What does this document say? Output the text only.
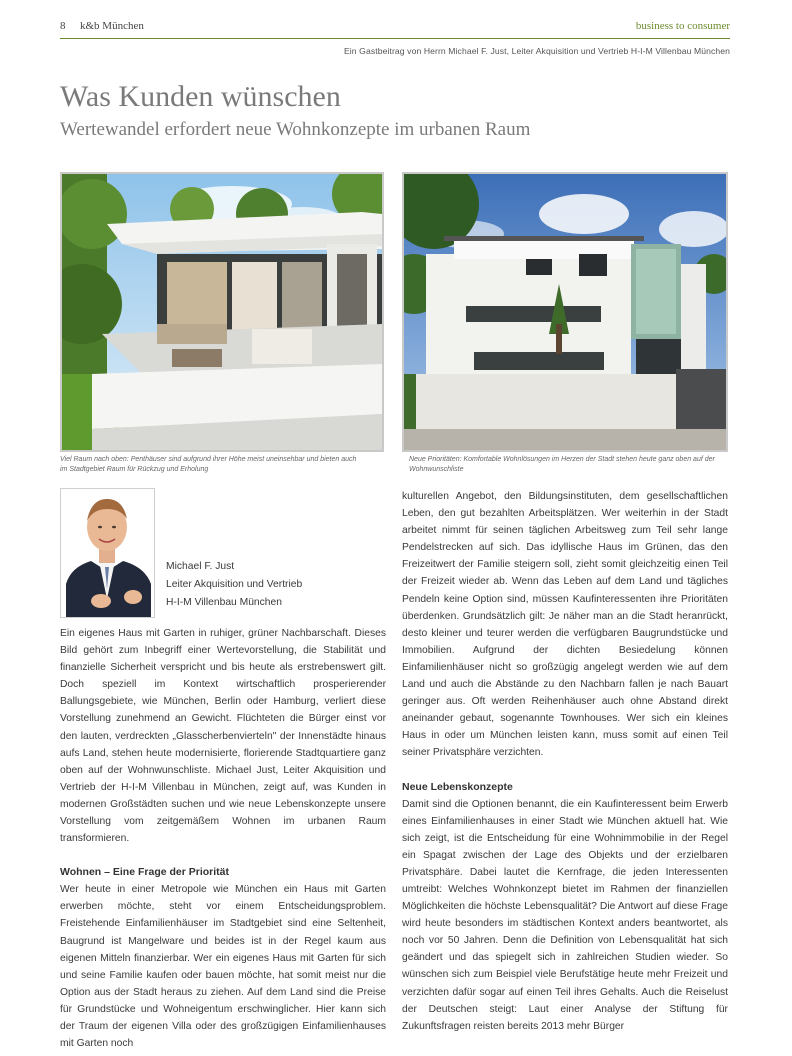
8 k&b München	business to consumer
Ein Gastbeitrag von Herrn Michael F. Just, Leiter Akquisition und Vertrieb H-I-M Villenbau München
Was Kunden wünschen
Wertewandel erfordert neue Wohnkonzepte im urbanen Raum
Viel Raum nach oben: Penthäuser sind aufgrund ihrer Höhe meist uneinsehbar und bieten auch im Stadtgebiet Raum für Rückzug und Erholung
Neue Prioritäten: Komfortable Wohnlösungen im Herzen der Stadt stehen heute ganz oben auf der Wohnwunschliste
Michael F. Just
Leiter Akquisition und Vertrieb
H-I-M Villenbau München

Ein eigenes Haus mit Garten in ruhiger, grüner Nachbarschaft. Dieses Bild gehört zum Inbegriff einer Wertevorstellung, die Stabilität und finanzielle Sicherheit verspricht und bis heute als erstrebenswert gilt. Doch speziell im Kontext wirtschaftlich prosperierender Ballungsgebiete, wie München, Berlin oder Hamburg, verliert diese Vorstellung zunehmend an Gewicht. Flüchteten die Bürger einst vor den lauten, verdreckten „Glasscherbenvierteln" der Innenstädte hinaus aufs Land, stehen heute modernisierte, florierende Stadtquartiere ganz oben auf der Wohnwunschliste. Michael Just, Leiter Akquisition und Vertrieb der H-I-M Villenbau in München, zeigt auf, was Kunden in modernen Großstädten suchen und wie neue Lebenskonzepte unsere Vorstellung vom zeitgemäßem Wohnen im urbanen Raum transformieren.

Wohnen – Eine Frage der Priorität

Wer heute in einer Metropole wie München ein Haus mit Garten erwerben möchte, steht vor einem Entscheidungsproblem. Freistehende Einfamilienhäuser im Stadtgebiet sind eine Seltenheit, Baugrund ist Mangelware und beides ist in der Regel kaum aus eigenen Mitteln finanzierbar. Wer ein eigenes Haus mit Garten für sich und seine Familie kaufen oder bauen möchte, hat somit meist nur die Option aus der Stadt heraus zu ziehen. Auf dem Land sind die Preise für Grundstücke und Wohneigentum erschwinglicher. Hier kann sich der Traum der eigenen Villa oder des großzügigen Einfamilienhauses mit Garten noch

kulturellen Angebot, den Bildungsinstituten, dem gesellschaftlichen Leben, den gut bezahlten Arbeitsplätzen. Wer weiterhin in der Stadt arbeitet nimmt für seinen täglichen Arbeitsweg zum Teil sehr lange Pendelstrecken auf sich. Das idyllische Haus im Grünen, das den Freizeitwert der Familie steigern soll, zieht somit gleichzeitig einen Teil der Freizeit wieder ab. Wenn das Leben auf dem Land und tägliches Pendeln keine Option sind, müssen Kaufinteressenten ihre Prioritäten überdenken. Grundsätzlich gilt: Je näher man an die Stadt heranrückt, desto kleiner und teurer werden die verfügbaren Baugrundstücke und Immobilien. Aufgrund der dichten Besiedelung können Einfamilienhäuser nicht so großzügig angelegt werden wie auf dem Land und auch die Abstände zu den Nachbarn fallen je nach Bauart geringer aus. Oft werden Reihenhäuser auch ohne Abstand direkt aneinander gebaut, sogenannte Townhouses. Wer sich ein kleines Haus in oder um München leisten kann, muss somit auf einen Teil seiner Privatsphäre verzichten.

Neue Lebenskonzepte

Damit sind die Optionen benannt, die ein Kaufinteressent beim Erwerb eines Einfamilienhauses in einer Stadt wie München aktuell hat. Wie sich zeigt, ist die Entscheidung für eine Wohnimmobilie in der Regel ein Spagat zwischen der Lage des Objekts und der erzielbaren Privatsphäre. Dabei lautet die Kernfrage, die jeden Interessenten umtreibt: Welches Wohnkonzept bietet im Rahmen der finanziellen Möglichkeiten die höchste Lebensqualität? Die Antwort auf diese Frage wird heute besonders im städtischen Kontext anders beantwortet, als noch vor 50 Jahren. Denn die Definition von Lebensqualität hat sich geändert und das spiegelt sich in zahlreichen Studien wieder. So wünschen sich zum Beispiel viele Berufstätige heute mehr Freizeit und verzichten dafür sogar auf einen Teil ihres Gehalts. Auch die Reiselust der Deutschen steigt: Laut einer Analyse der Stiftung für Zukunftsfragen reisten bereits 2013 mehr Bürger
